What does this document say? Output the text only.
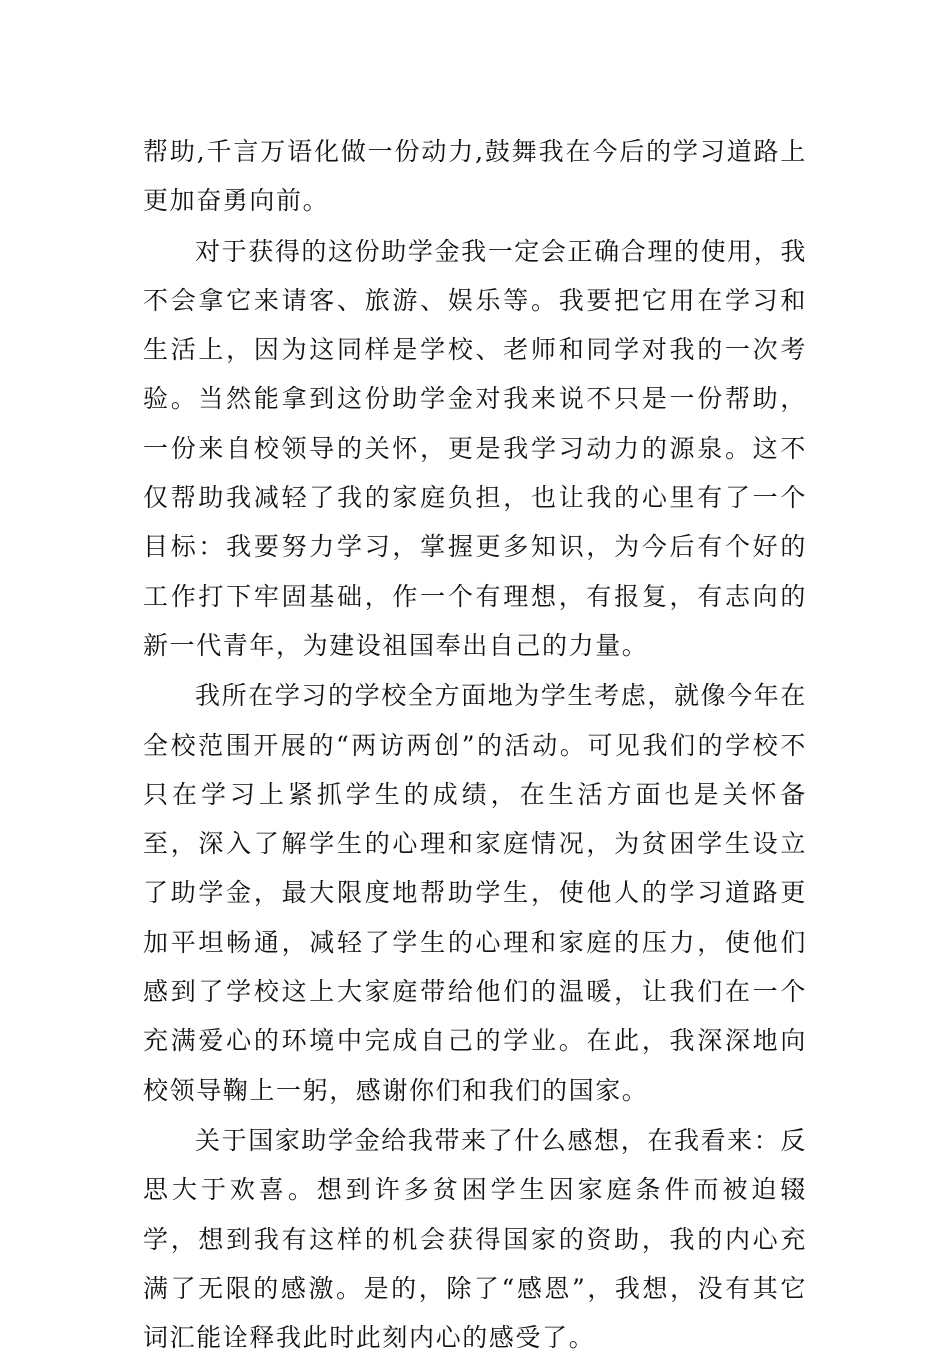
帮助,千言万语化做一份动力,鼓舞我在今后的学习道路上更加奋勇向前。

对于获得的这份助学金我一定会正确合理的使用，我不会拿它来请客、旅游、娱乐等。我要把它用在学习和生活上，因为这同样是学校、老师和同学对我的一次考验。当然能拿到这份助学金对我来说不只是一份帮助，一份来自校领导的关怀，更是我学习动力的源泉。这不仅帮助我减轻了我的家庭负担，也让我的心里有了一个目标：我要努力学习，掌握更多知识，为今后有个好的工作打下牢固基础，作一个有理想，有报复，有志向的新一代青年，为建设祖国奉出自己的力量。

我所在学习的学校全方面地为学生考虑，就像今年在全校范围开展的“两访两创”的活动。可见我们的学校不只在学习上紧抓学生的成绩，在生活方面也是关怀备至，深入了解学生的心理和家庭情况，为贫困学生设立了助学金，最大限度地帮助学生，使他人的学习道路更加平坦畅通，减轻了学生的心理和家庭的压力，使他们感到了学校这上大家庭带给他们的温暖，让我们在一个充满爱心的环境中完成自己的学业。在此，我深深地向校领导鞠上一躬，感谢你们和我们的国家。

关于国家助学金给我带来了什么感想，在我看来：反思大于欢喜。想到许多贫困学生因家庭条件而被迫辍学，想到我有这样的机会获得国家的资助，我的内心充满了无限的感激。是的，除了“感恩”，我想，没有其它词汇能诠释我此时此刻内心的感受了。
